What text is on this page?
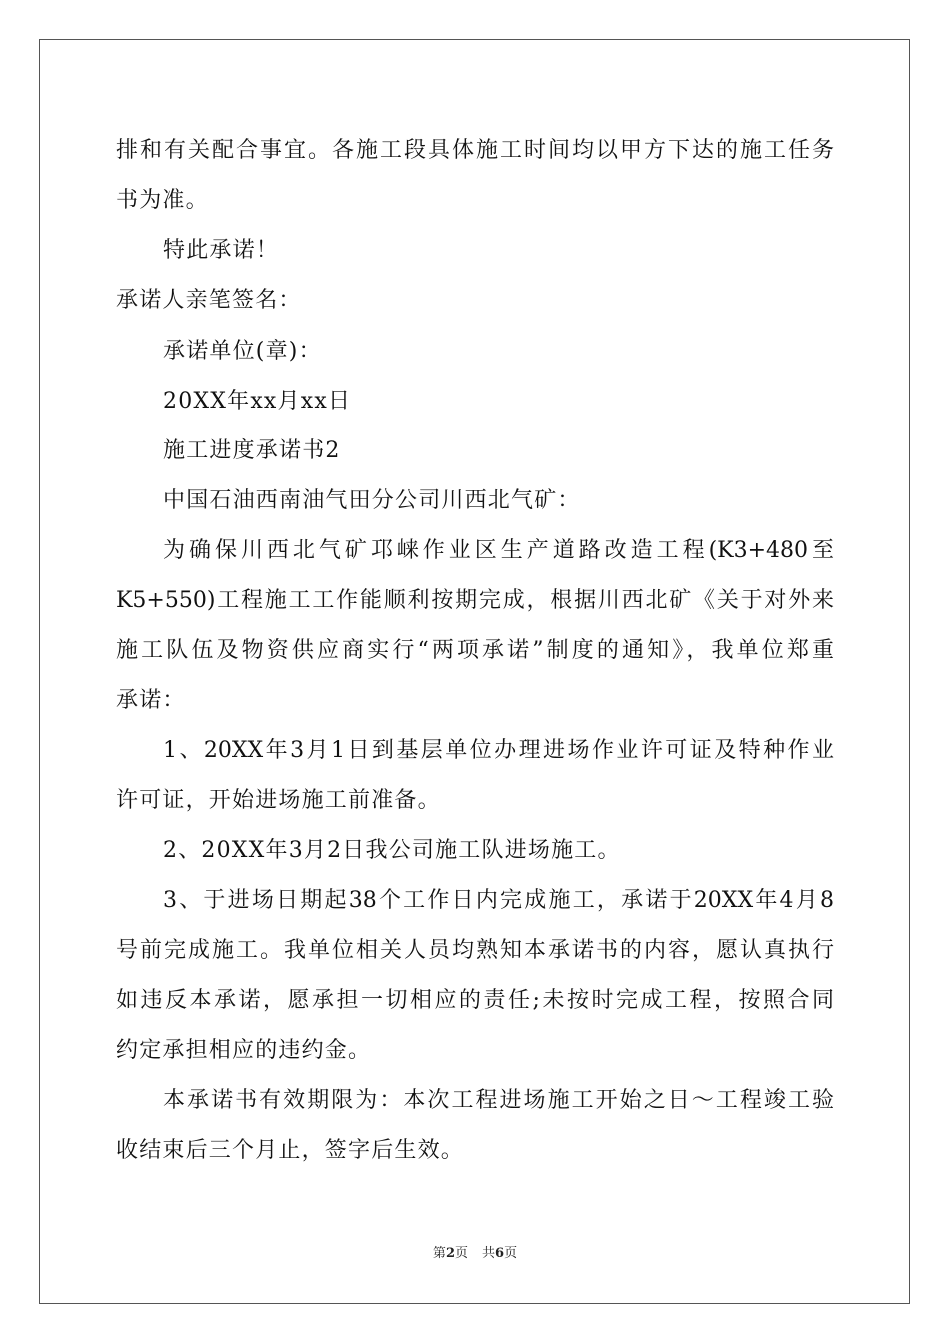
排和有关配合事宜。各施工段具体施工时间均以甲方下达的施工任务
书为准。
特此承诺！
承诺人亲笔签名：
承诺单位(章)：
20XX年xx月xx日
施工进度承诺书2
中国石油西南油气田分公司川西北气矿：
为确保川西北气矿邛崃作业区生产道路改造工程(K3+480至
K5+550)工程施工工作能顺利按期完成，根据川西北矿《关于对外来
施工队伍及物资供应商实行“两项承诺”制度的通知》，我单位郑重
承诺：
1、20XX年3月1日到基层单位办理进场作业许可证及特种作业
许可证，开始进场施工前准备。
2、20XX年3月2日我公司施工队进场施工。
3、于进场日期起38个工作日内完成施工，承诺于20XX年4月8
号前完成施工。我单位相关人员均熟知本承诺书的内容，愿认真执行
如违反本承诺，愿承担一切相应的责任;未按时完成工程，按照合同
约定承担相应的违约金。
本承诺书有效期限为：本次工程进场施工开始之日～工程竣工验
收结束后三个月止，签字后生效。
第2页 共6页
